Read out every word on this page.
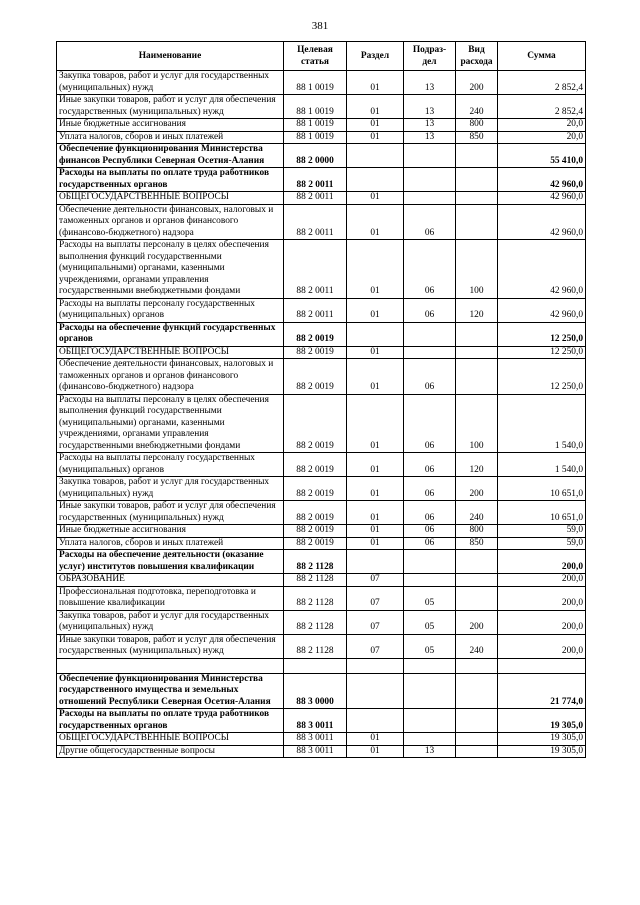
381
Наименование	Целевая статья	Раздел	Подраз-дел	Вид расхода	Сумма
Закупка товаров, работ и услуг для государственных (муниципальных) нужд	88 1 0019	01	13	200	2 852,4
Иные закупки товаров, работ и услуг для обеспечения государственных (муниципальных) нужд	88 1 0019	01	13	240	2 852,4
Иные бюджетные ассигнования	88 1 0019	01	13	800	20,0
Уплата налогов, сборов и иных платежей	88 1 0019	01	13	850	20,0
Обеспечение функционирования Министерства финансов Республики Северная Осетия-Алания	88 2 0000				55 410,0
Расходы на выплаты по оплате труда работников государственных органов	88 2 0011				42 960,0
ОБЩЕГОСУДАРСТВЕННЫЕ ВОПРОСЫ	88 2 0011	01			42 960,0
Обеспечение деятельности финансовых, налоговых и таможенных органов и органов финансового (финансово-бюджетного) надзора	88 2 0011	01	06		42 960,0
Расходы на выплаты персоналу в целях обеспечения выполнения функций государственными (муниципальными) органами, казенными учреждениями, органами управления государственными внебюджетными фондами	88 2 0011	01	06	100	42 960,0
Расходы на выплаты персоналу государственных (муниципальных) органов	88 2 0011	01	06	120	42 960,0
Расходы на обеспечение функций государственных органов	88 2 0019				12 250,0
ОБЩЕГОСУДАРСТВЕННЫЕ ВОПРОСЫ	88 2 0019	01			12 250,0
Обеспечение деятельности финансовых, налоговых и таможенных органов и органов финансового (финансово-бюджетного) надзора	88 2 0019	01	06		12 250,0
Расходы на выплаты персоналу в целях обеспечения выполнения функций государственными (муниципальными) органами, казенными учреждениями, органами управления государственными внебюджетными фондами	88 2 0019	01	06	100	1 540,0
Расходы на выплаты персоналу государственных (муниципальных) органов	88 2 0019	01	06	120	1 540,0
Закупка товаров, работ и услуг для государственных (муниципальных) нужд	88 2 0019	01	06	200	10 651,0
Иные закупки товаров, работ и услуг для обеспечения государственных (муниципальных) нужд	88 2 0019	01	06	240	10 651,0
Иные бюджетные ассигнования	88 2 0019	01	06	800	59,0
Уплата налогов, сборов и иных платежей	88 2 0019	01	06	850	59,0
Расходы на обеспечение деятельности (оказание услуг) институтов повышения квалификации	88 2 1128				200,0
ОБРАЗОВАНИЕ	88 2 1128	07			200,0
Профессиональная подготовка, переподготовка и повышение квалификации	88 2 1128	07	05		200,0
Закупка товаров, работ и услуг для государственных (муниципальных) нужд	88 2 1128	07	05	200	200,0
Иные закупки товаров, работ и услуг для обеспечения государственных (муниципальных) нужд	88 2 1128	07	05	240	200,0

Обеспечение функционирования Министерства государственного имущества и земельных отношений Республики Северная Осетия-Алания	88 3 0000				21 774,0
Расходы на выплаты по оплате труда работников государственных органов	88 3 0011				19 305,0
ОБЩЕГОСУДАРСТВЕННЫЕ ВОПРОСЫ	88 3 0011	01			19 305,0
Другие общегосударственные вопросы	88 3 0011	01	13		19 305,0
